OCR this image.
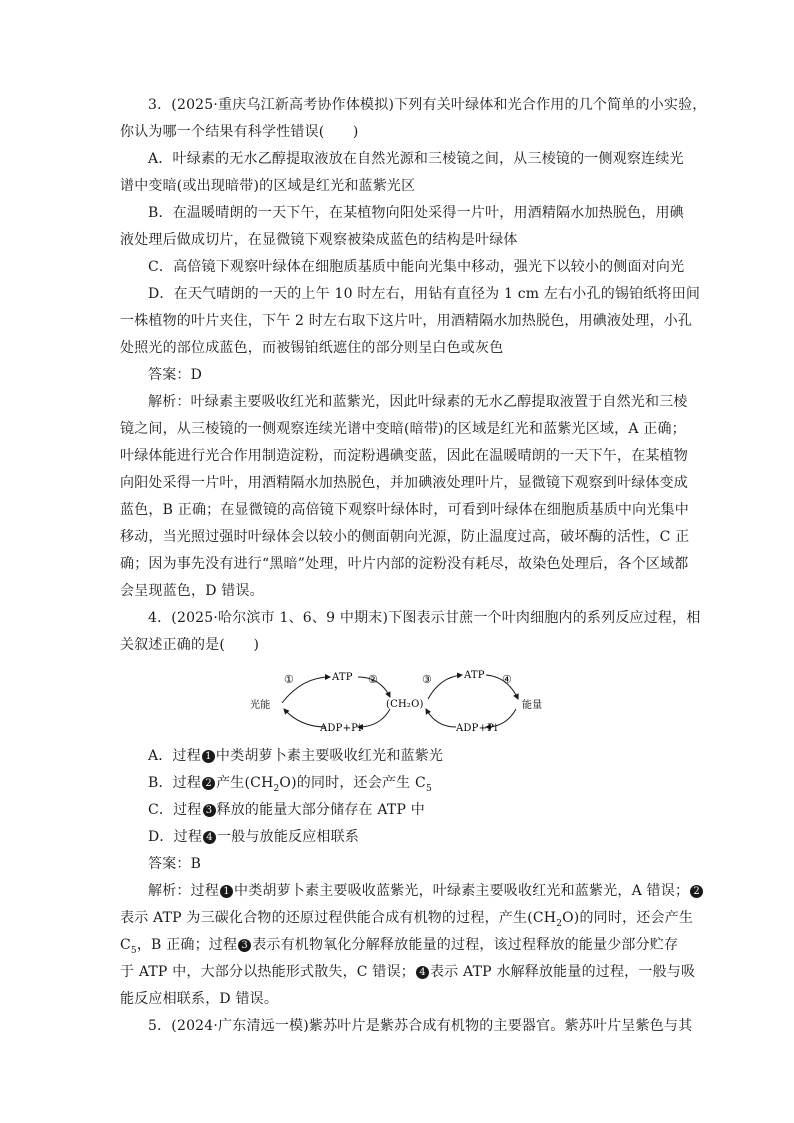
3．(2025·重庆乌江新高考协作体模拟)下列有关叶绿体和光合作用的几个简单的小实验，
你认为哪一个结果有科学性错误(　　)
A．叶绿素的无水乙醇提取液放在自然光源和三棱镜之间，从三棱镜的一侧观察连续光
谱中变暗(或出现暗带)的区域是红光和蓝紫光区
B．在温暖晴朗的一天下午，在某植物向阳处采得一片叶，用酒精隔水加热脱色，用碘
液处理后做成切片，在显微镜下观察被染成蓝色的结构是叶绿体
C．高倍镜下观察叶绿体在细胞质基质中能向光集中移动，强光下以较小的侧面对向光
D．在天气晴朗的一天的上午 10 时左右，用钻有直径为 1 cm 左右小孔的锡铂纸将田间
一株植物的叶片夹住，下午 2 时左右取下这片叶，用酒精隔水加热脱色，用碘液处理，小孔
处照光的部位成蓝色，而被锡铂纸遮住的部分则呈白色或灰色
答案：D
解析：叶绿素主要吸收红光和蓝紫光，因此叶绿素的无水乙醇提取液置于自然光和三棱
镜之间，从三棱镜的一侧观察连续光谱中变暗(暗带)的区域是红光和蓝紫光区域，A 正确；
叶绿体能进行光合作用制造淀粉，而淀粉遇碘变蓝，因此在温暖晴朗的一天下午，在某植物
向阳处采得一片叶，用酒精隔水加热脱色，并加碘液处理叶片，显微镜下观察到叶绿体变成
蓝色，B 正确；在显微镜的高倍镜下观察叶绿体时，可看到叶绿体在细胞质基质中向光集中
移动，当光照过强时叶绿体会以较小的侧面朝向光源，防止温度过高，破坏酶的活性，C 正
确；因为事先没有进行“黑暗”处理，叶片内部的淀粉没有耗尽，故染色处理后，各个区域都
会呈现蓝色，D 错误。
4．(2025·哈尔滨市 1、6、9 中期末)下图表示甘蔗一个叶肉细胞内的系列反应过程，相
关叙述正确的是(　　)
光能
ATP
ADP+Pi
(CH₂O)
ATP
ADP+Pi
能量
①	②	③	④
A．过程 1 中类胡萝卜素主要吸收红光和蓝紫光
B．过程 2 产生$(CH_2O)$的同时，还会产生 $C_5$
C．过程 3 释放的能量大部分储存在 ATP 中
D．过程 4 一般与放能反应相联系
答案：B
解析：过程 1 中类胡萝卜素主要吸收蓝紫光，叶绿素主要吸收红光和蓝紫光，A 错误； 2
表示 ATP 为三碳化合物的还原过程供能合成有机物的过程，产生$(CH_2O)$的同时，还会产生
$C_5$，B 正确；过程 3 表示有机物氧化分解释放能量的过程，该过程释放的能量少部分贮存
于 ATP 中，大部分以热能形式散失，C 错误； 4 表示 ATP 水解释放能量的过程，一般与吸
能反应相联系，D 错误。
5．(2024·广东清远一模)紫苏叶片是紫苏合成有机物的主要器官。紫苏叶片呈紫色与其
